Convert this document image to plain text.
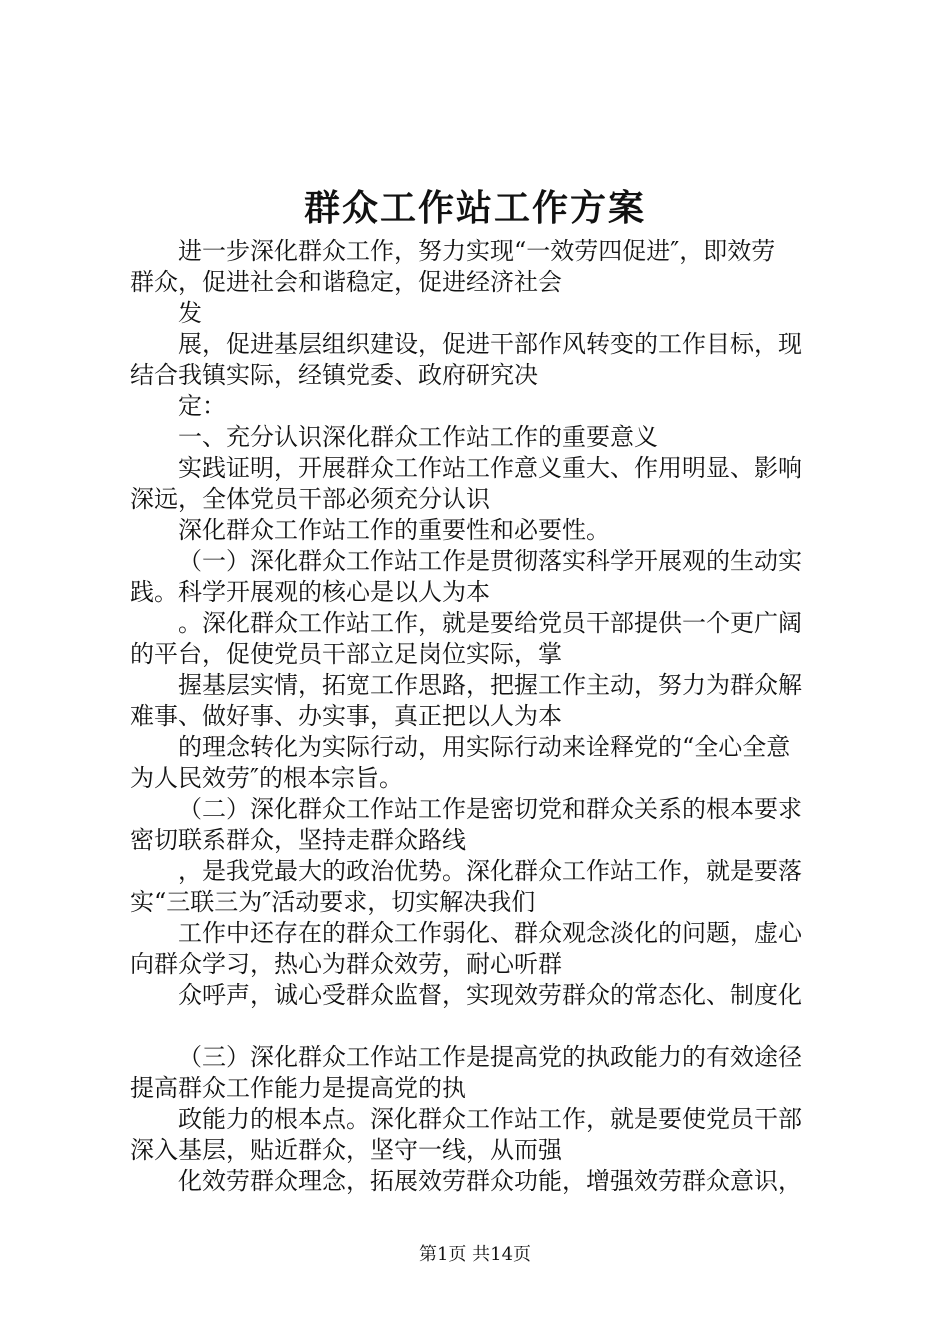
群众工作站工作方案
进一步深化群众工作，努力实现“一效劳四促进″，即效劳
群众，促进社会和谐稳定，促进经济社会
发
展，促进基层组织建设，促进干部作风转变的工作目标，现
结合我镇实际，经镇党委、政府研究决
定：
一、充分认识深化群众工作站工作的重要意义
实践证明，开展群众工作站工作意义重大、作用明显、影响
深远，全体党员干部必须充分认识
深化群众工作站工作的重要性和必要性。
（一）深化群众工作站工作是贯彻落实科学开展观的生动实
践。科学开展观的核心是以人为本
。深化群众工作站工作，就是要给党员干部提供一个更广阔
的平台，促使党员干部立足岗位实际，掌
握基层实情，拓宽工作思路，把握工作主动，努力为群众解
难事、做好事、办实事，真正把以人为本
的理念转化为实际行动，用实际行动来诠释党的“全心全意
为人民效劳″的根本宗旨。
（二）深化群众工作站工作是密切党和群众关系的根本要求
密切联系群众，坚持走群众路线
，是我党最大的政治优势。深化群众工作站工作，就是要落
实“三联三为″活动要求，切实解决我们
工作中还存在的群众工作弱化、群众观念淡化的问题，虚心
向群众学习，热心为群众效劳，耐心听群
众呼声，诚心受群众监督，实现效劳群众的常态化、制度化
（三）深化群众工作站工作是提高党的执政能力的有效途径
提高群众工作能力是提高党的执
政能力的根本点。深化群众工作站工作，就是要使党员干部
深入基层，贴近群众，坚守一线，从而强
化效劳群众理念，拓展效劳群众功能，增强效劳群众意识，
第1页 共14页
